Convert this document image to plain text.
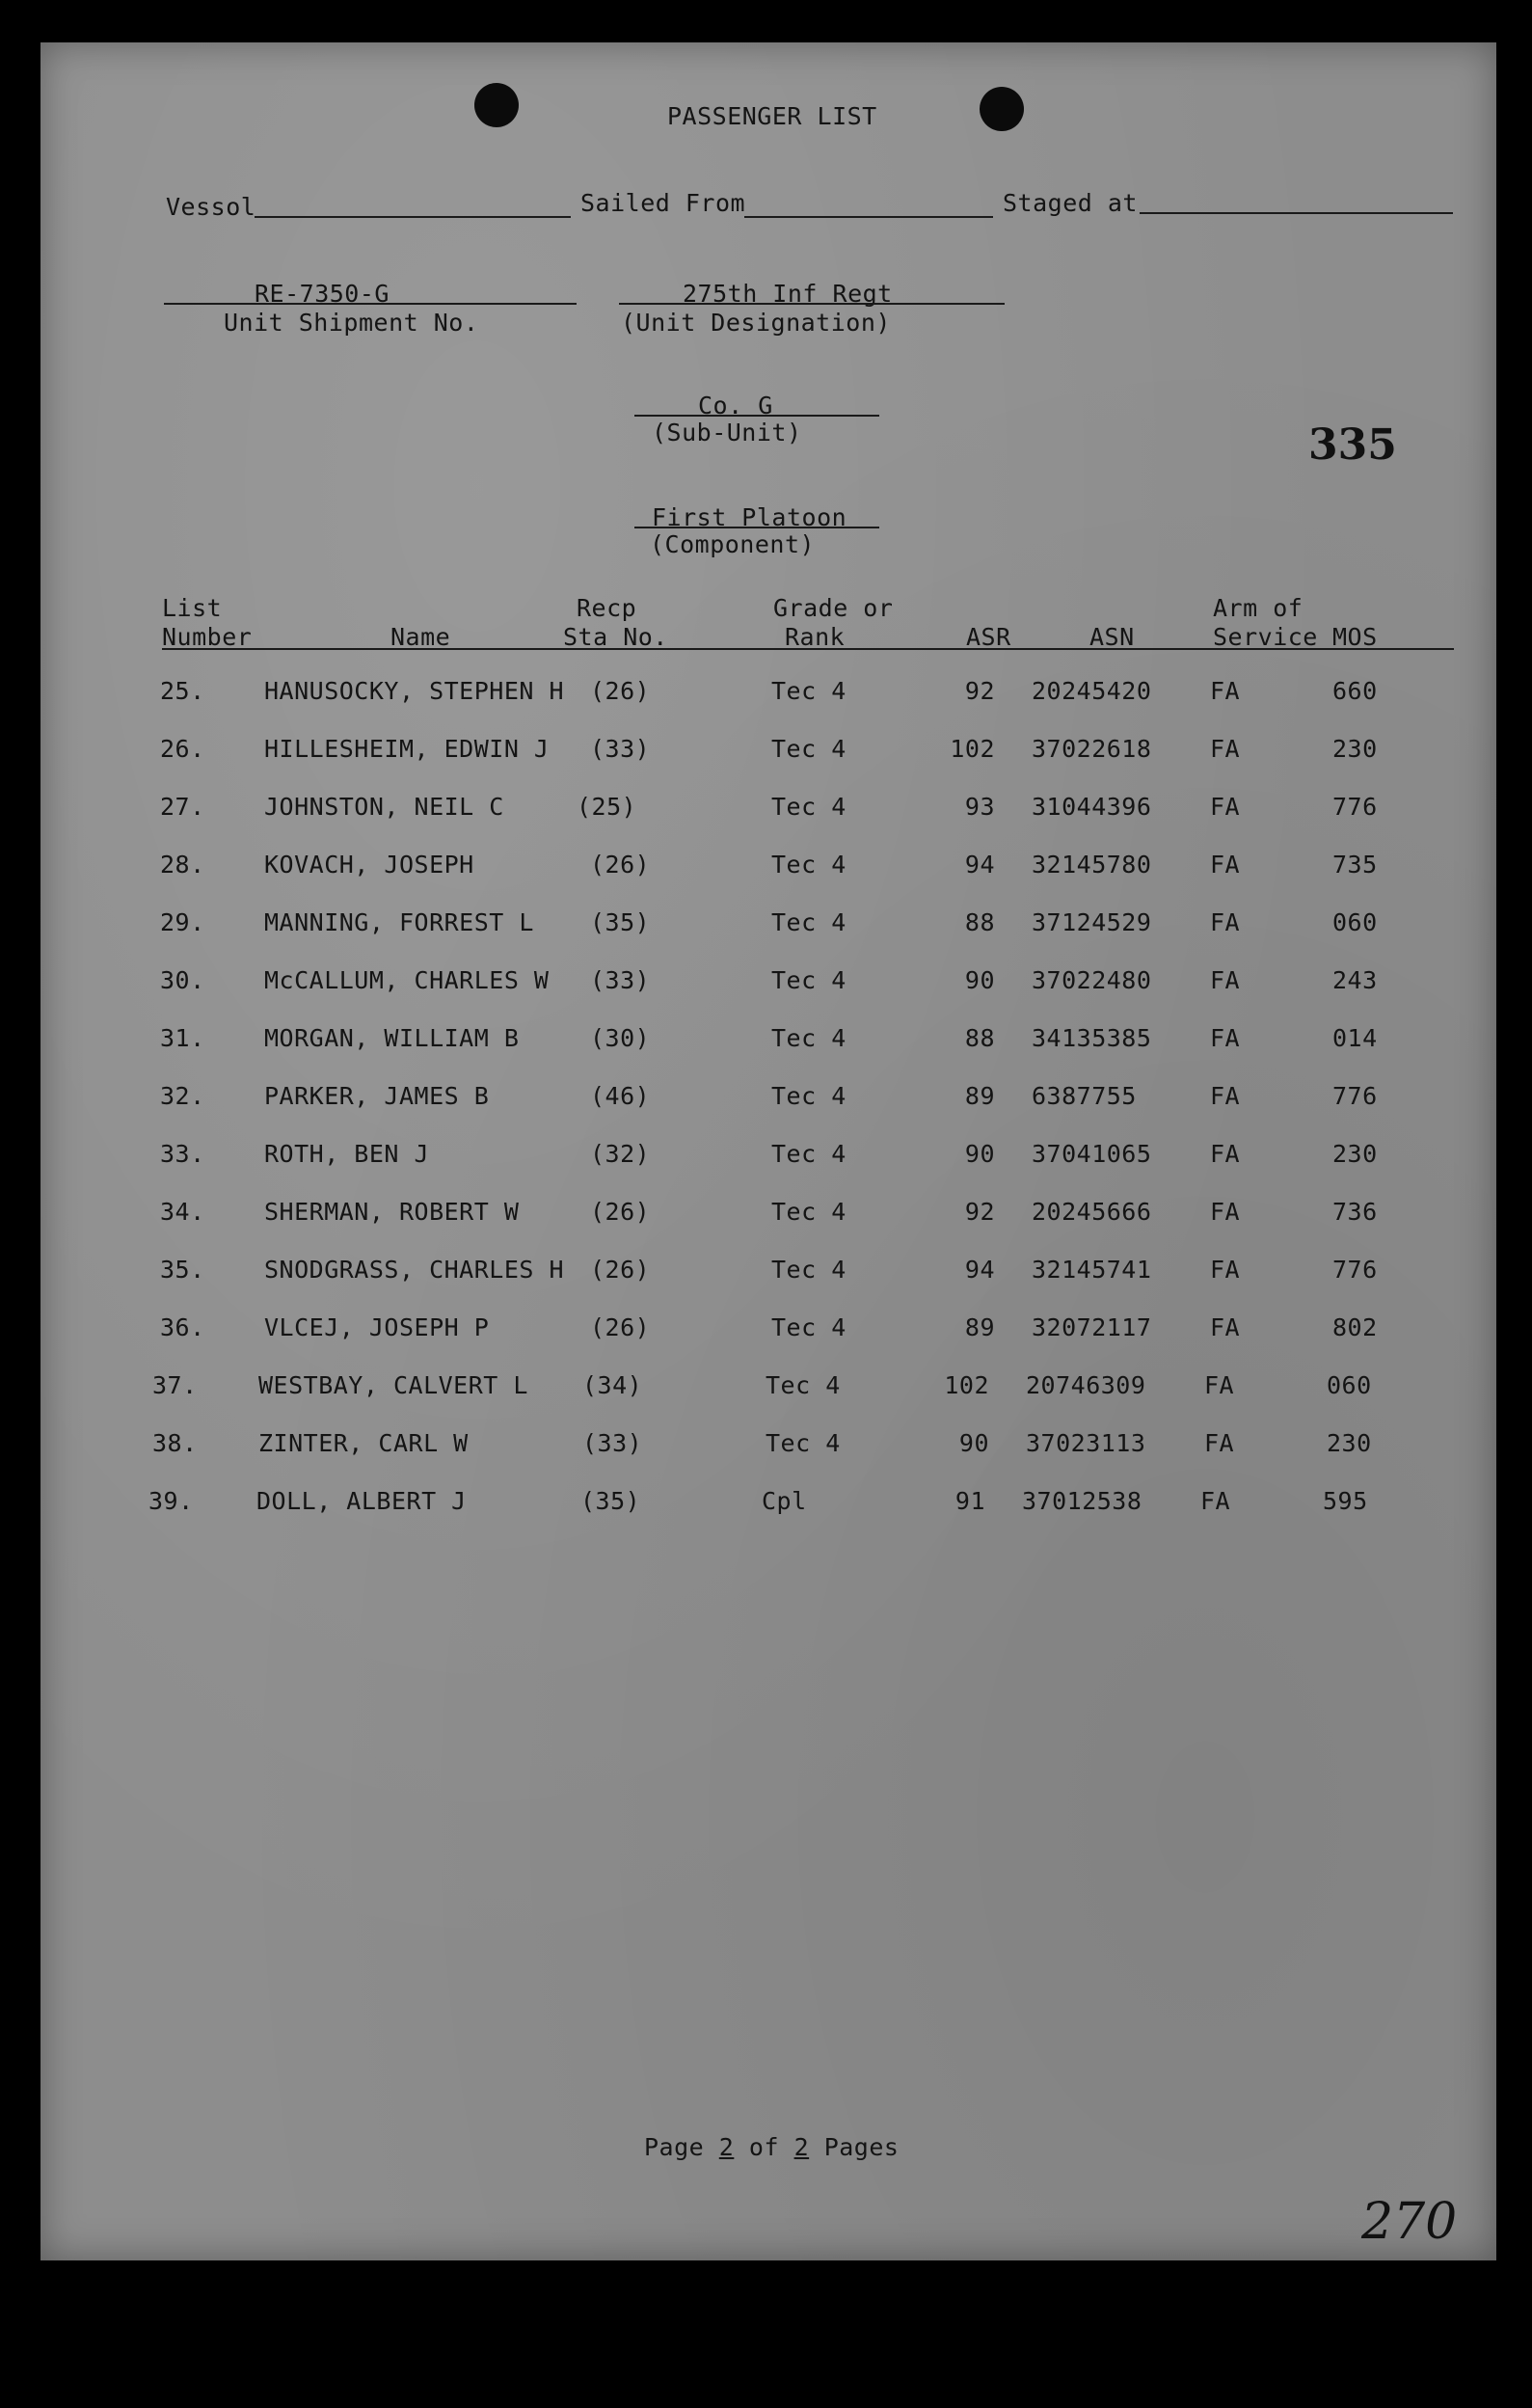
PASSENGER LIST
Vessol	Sailed From	Staged at
RE-7350-G
Unit Shipment No.
275th Inf Regt
(Unit Designation)
Co. G
(Sub-Unit)	335
First Platoon
(Component)
List
Number	Name
Recp
Sta No.
Grade or
Rank	ASR	ASN
Arm of
Service MOS
25. HANUSOCKY, STEPHEN H (26)	Tec 4	92 20245420 FA	660
26. HILLESHEIM, EDWIN J (33)	Tec 4	102 37022618 FA	230
27. JOHNSTON, NEIL C	(25)	Tec 4	93 31044396 FA	776
28. KOVACH, JOSEPH	(26)	Tec 4	94 32145780 FA	735
29. MANNING, FORREST L (35)	Tec 4	88 37124529 FA	060
30. McCALLUM, CHARLES W (33)	Tec 4	90 37022480 FA	243
31. MORGAN, WILLIAM B	(30)	Tec 4	88 34135385 FA	014
32. PARKER, JAMES B	(46)	Tec 4	89 6387755	FA	776
33. ROTH, BEN J	(32)	Tec 4	90 37041065 FA	230
34. SHERMAN, ROBERT W	(26)	Tec 4	92 20245666 FA	736
35. SNODGRASS, CHARLES H (26)	Tec 4	94 32145741 FA	776
36. VLCEJ, JOSEPH P	(26)	Tec 4	89 32072117 FA	802
37.	WESTBAY, CALVERT L (34)	Tec 4	102 20746309 FA	060
38.	ZINTER, CARL W	(33)	Tec 4	90 37023113 FA	230
39.	DOLL, ALBERT J	(35)	Cpl	91 37012538 FA	595
Page 2 of 2 Pages
270
